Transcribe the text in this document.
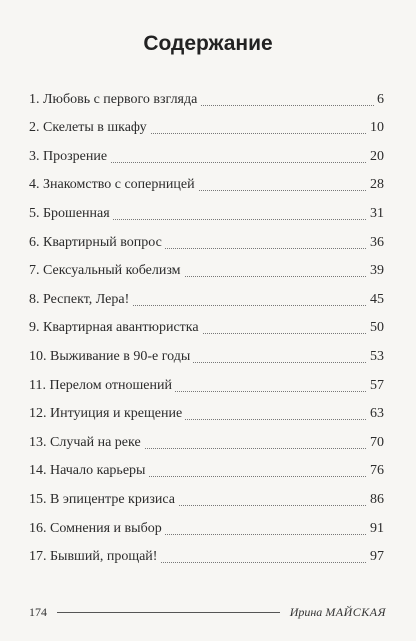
Содержание
1. Любовь с первого взгляда	6
2. Скелеты в шкафу	10
3. Прозрение	20
4. Знакомство с соперницей	28
5. Брошенная	31
6. Квартирный вопрос	36
7. Сексуальный кобелизм	39
8. Респект, Лера!	45
9. Квартирная авантюристка	50
10. Выживание в 90-е годы	53
11. Перелом отношений	57
12. Интуиция и крещение	63
13. Случай на реке	70
14. Начало карьеры	76
15. В эпицентре кризиса	86
16. Сомнения и выбор	91
17. Бывший, прощай!	97
174	Ирина МАЙСКАЯ
